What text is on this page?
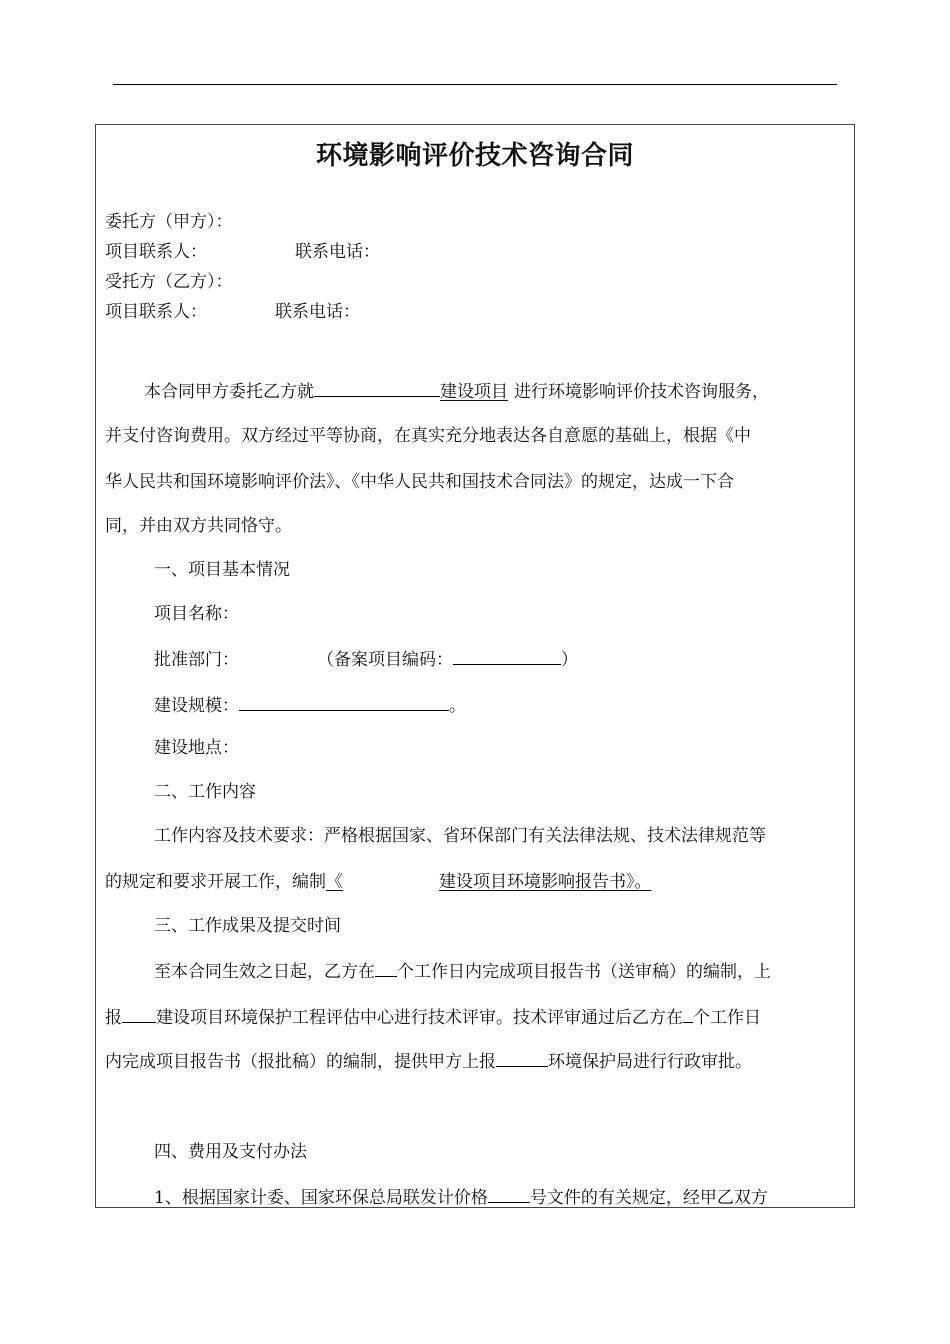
环境影响评价技术咨询合同
委托方（甲方）：
项目联系人：	联系电话：
受托方（乙方）：
项目联系人：	联系电话：
本合同甲方委托乙方就	建设项目 进行环境影响评价技术咨询服务，
并支付咨询费用。双方经过平等协商，在真实充分地表达各自意愿的基础上，根据《中
华人民共和国环境影响评价法》、《中华人民共和国技术合同法》的规定，达成一下合
同，并由双方共同恪守。
一、项目基本情况
项目名称：
批准部门：	（备案项目编码：	）
建设规模：	。
建设地点：
二、工作内容
工作内容及技术要求：严格根据国家、省环保部门有关法律法规、技术法律规范等
的规定和要求开展工作，编制《	建设项目环境影响报告书》。
三、工作成果及提交时间
至本合同生效之日起，乙方在 个工作日内完成项目报告书（送审稿）的编制，上
报 建设项目环境保护工程评估中心进行技术评审。技术评审通过后乙方在 个工作日
内完成项目报告书（报批稿）的编制，提供甲方上报	环境保护局进行行政审批。
四、费用及支付办法
1、根据国家计委、国家环保总局联发计价格 号文件的有关规定，经甲乙双方
